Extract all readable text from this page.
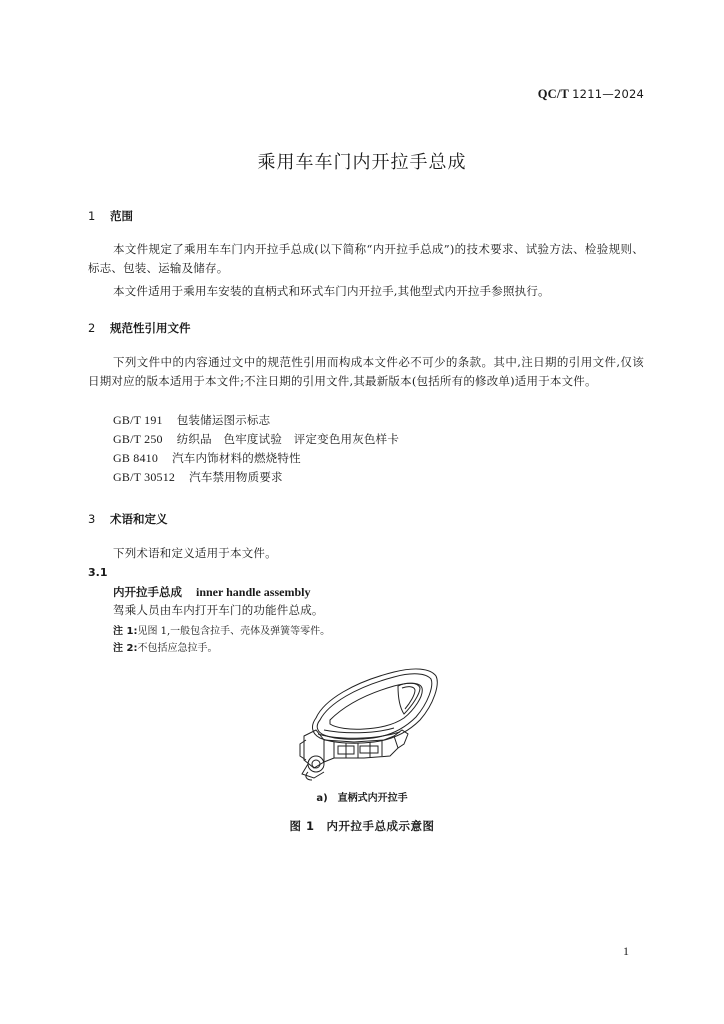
QC/T 1211—2024
乘用车车门内开拉手总成
1 范围
本文件规定了乘用车车门内开拉手总成(以下简称“内开拉手总成”)的技术要求、试验方法、检验规则、标志、包装、运输及储存。
本文件适用于乘用车安装的直柄式和环式车门内开拉手,其他型式内开拉手参照执行。
2 规范性引用文件
下列文件中的内容通过文中的规范性引用而构成本文件必不可少的条款。其中,注日期的引用文件,仅该日期对应的版本适用于本文件;不注日期的引用文件,其最新版本(包括所有的修改单)适用于本文件。
GB/T 191 包装储运图示标志
GB/T 250 纺织品　色牢度试验　评定变色用灰色样卡
GB 8410 汽车内饰材料的燃烧特性
GB/T 30512 汽车禁用物质要求
3 术语和定义
下列术语和定义适用于本文件。
3.1
内开拉手总成 inner handle assembly
驾乘人员由车内打开车门的功能件总成。
注 1:见图 1,一般包含拉手、壳体及弹簧等零件。
注 2:不包括应急拉手。
a)　直柄式内开拉手
图 1　内开拉手总成示意图
1
